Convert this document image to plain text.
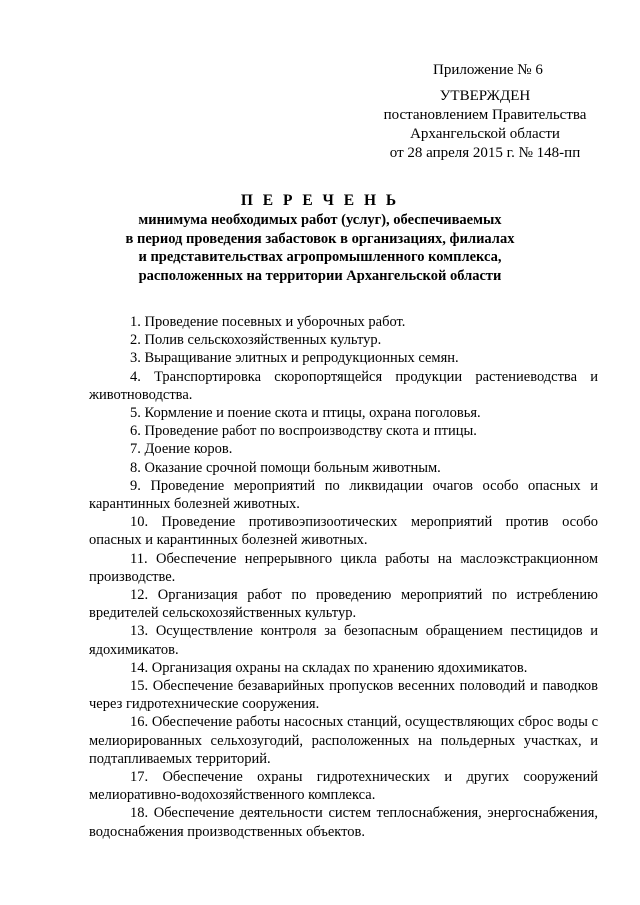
Приложение № 6
УТВЕРЖДЕН
постановлением Правительства
Архангельской области
от 28 апреля 2015 г. № 148-пп
П Е Р Е Ч Е Н Ь
минимума необходимых работ (услуг), обеспечиваемых
в период проведения забастовок в организациях, филиалах
и представительствах агропромышленного комплекса,
расположенных на территории Архангельской области

1. Проведение посевных и уборочных работ.

2. Полив сельскохозяйственных культур.

3. Выращивание элитных и репродукционных семян.

4. Транспортировка скоропортящейся продукции растениеводства и животноводства.

5. Кормление и поение скота и птицы, охрана поголовья.

6. Проведение работ по воспроизводству скота и птицы.

7. Доение коров.

8. Оказание срочной помощи больным животным.

9. Проведение мероприятий по ликвидации очагов особо опасных и карантинных болезней животных.

10. Проведение противоэпизоотических мероприятий против особо опасных и карантинных болезней животных.

11. Обеспечение непрерывного цикла работы на маслоэкстракционном производстве.

12. Организация работ по проведению мероприятий по истреблению вредителей сельскохозяйственных культур.

13. Осуществление контроля за безопасным обращением пестицидов и ядохимикатов.

14. Организация охраны на складах по хранению ядохимикатов.

15. Обеспечение безаварийных пропусков весенних половодий и паводков через гидротехнические сооружения.

16. Обеспечение работы насосных станций, осуществляющих сброс воды с мелиорированных сельхозугодий, расположенных на польдерных участках, и подтапливаемых территорий.

17. Обеспечение охраны гидротехнических и других сооружений мелиоративно-водохозяйственного комплекса.

18. Обеспечение деятельности систем теплоснабжения, энергоснабжения, водоснабжения производственных объектов.
